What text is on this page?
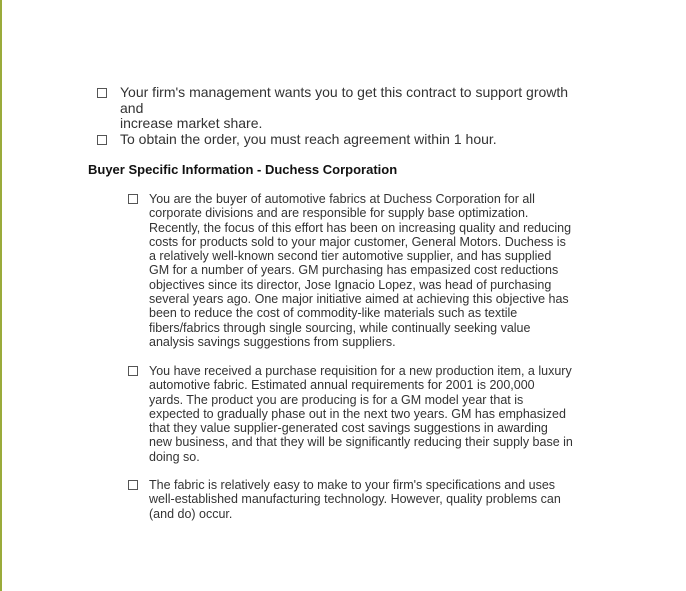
Your firm's management wants you to get this contract to support growth and
increase market share.
To obtain the order, you must reach agreement within 1 hour.
Buyer Specific Information - Duchess Corporation
You are the buyer of automotive fabrics at Duchess Corporation for all
corporate divisions and are responsible for supply base optimization.
Recently, the focus of this effort has been on increasing quality and reducing
costs for products sold to your major customer, General Motors. Duchess is
a relatively well-known second tier automotive supplier, and has supplied
GM for a number of years. GM purchasing has empasized cost reductions
objectives since its director, Jose Ignacio Lopez, was head of purchasing
several years ago. One major initiative aimed at achieving this objective has
been to reduce the cost of commodity-like materials such as textile
fibers/fabrics through single sourcing, while continually seeking value
analysis savings suggestions from suppliers.
You have received a purchase requisition for a new production item, a luxury
automotive fabric. Estimated annual requirements for 2001 is 200,000
yards. The product you are producing is for a GM model year that is
expected to gradually phase out in the next two years. GM has emphasized
that they value supplier-generated cost savings suggestions in awarding
new business, and that they will be significantly reducing their supply base in
doing so.
The fabric is relatively easy to make to your firm's specifications and uses
well-established manufacturing technology. However, quality problems can
(and do) occur.
